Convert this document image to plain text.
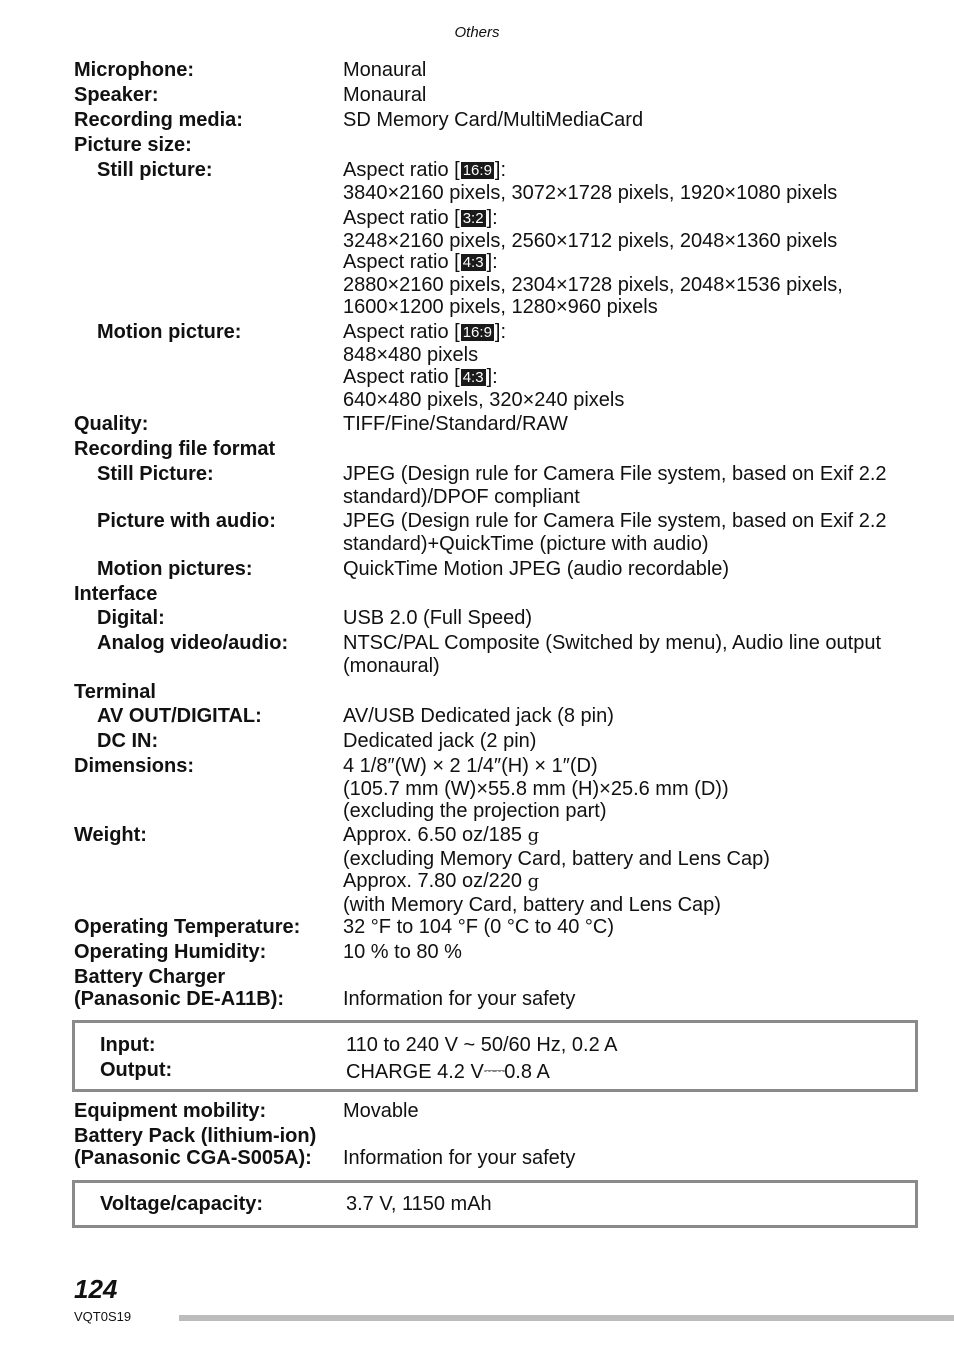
Others
Microphone:	Monaural
Speaker:	Monaural
Recording media:	SD Memory Card/MultiMediaCard
Picture size:
Still picture:	Aspect ratio [ 16:9 ]:
3840×2160 pixels, 3072×1728 pixels, 1920×1080 pixels
Aspect ratio [ 3:2 ]:
3248×2160 pixels, 2560×1712 pixels, 2048×1360 pixels
Aspect ratio [ 4:3 ]:
2880×2160 pixels, 2304×1728 pixels, 2048×1536 pixels,
1600×1200 pixels, 1280×960 pixels
Motion picture:	Aspect ratio [ 16:9 ]:
848×480 pixels
Aspect ratio [ 4:3 ]:
640×480 pixels, 320×240 pixels
Quality:	TIFF/Fine/Standard/RAW
Recording file format
Still Picture:	JPEG (Design rule for Camera File system, based on Exif 2.2
standard)/DPOF compliant
Picture with audio:	JPEG (Design rule for Camera File system, based on Exif 2.2
standard)+QuickTime (picture with audio)
Motion pictures:	QuickTime Motion JPEG (audio recordable)
Interface
Digital:	USB 2.0 (Full Speed)
Analog video/audio:	NTSC/PAL Composite (Switched by menu), Audio line output
(monaural)
Terminal
AV OUT/DIGITAL:	AV/USB Dedicated jack (8 pin)
DC IN:	Dedicated jack (2 pin)
Dimensions:	4 1/8″(W) × 2 1/4″(H) × 1″(D)
(105.7 mm (W)×55.8 mm (H)×25.6 mm (D))
(excluding the projection part)
Weight:	Approx. 6.50 oz/185 g
(excluding Memory Card, battery and Lens Cap)
Approx. 7.80 oz/220 g
(with Memory Card, battery and Lens Cap)
Operating Temperature: 32 °F to 104 °F (0 °C to 40 °C)
Operating Humidity:	10 % to 80 %
Battery Charger
(Panasonic DE-A11B):	Information for your safety
Input:	110 to 240 V ~ 50/60 Hz, 0.2 A
Output:	CHARGE 4.2 V⎓⎓0.8 A
Equipment mobility:	Movable
Battery Pack (lithium-ion)
(Panasonic CGA-S005A): Information for your safety
Voltage/capacity:	3.7 V, 1150 mAh
124
VQT0S19
